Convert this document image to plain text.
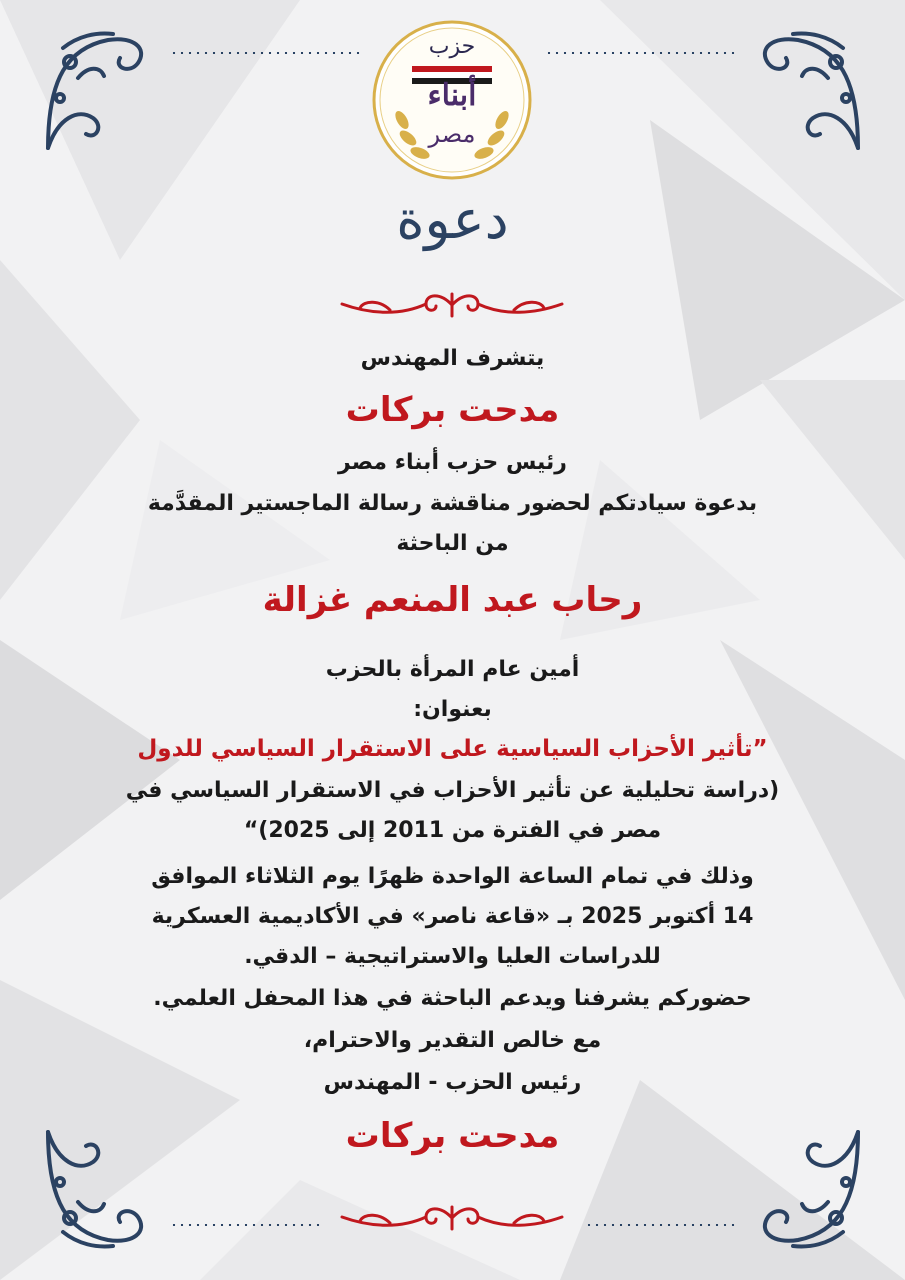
حزب
أبناء
مصر
دعوة
يتشرف المهندس
مدحت بركات
رئيس حزب أبناء مصر
بدعوة سيادتكم لحضور مناقشة رسالة الماجستير المقدَّمة
من الباحثة
رحاب عبد المنعم غزالة
أمين عام المرأة بالحزب
بعنوان:
”تأثير الأحزاب السياسية على الاستقرار السياسي للدول
(دراسة تحليلية عن تأثير الأحزاب في الاستقرار السياسي في
مصر في الفترة من 2011 إلى 2025)“
وذلك في تمام الساعة الواحدة ظهرًا يوم الثلاثاء الموافق
14 أكتوبر 2025 بـ «قاعة ناصر» في الأكاديمية العسكرية
للدراسات العليا والاستراتيجية – الدقي.
حضوركم يشرفنا ويدعم الباحثة في هذا المحفل العلمي.
مع خالص التقدير والاحترام،
رئيس الحزب - المهندس
مدحت بركات
